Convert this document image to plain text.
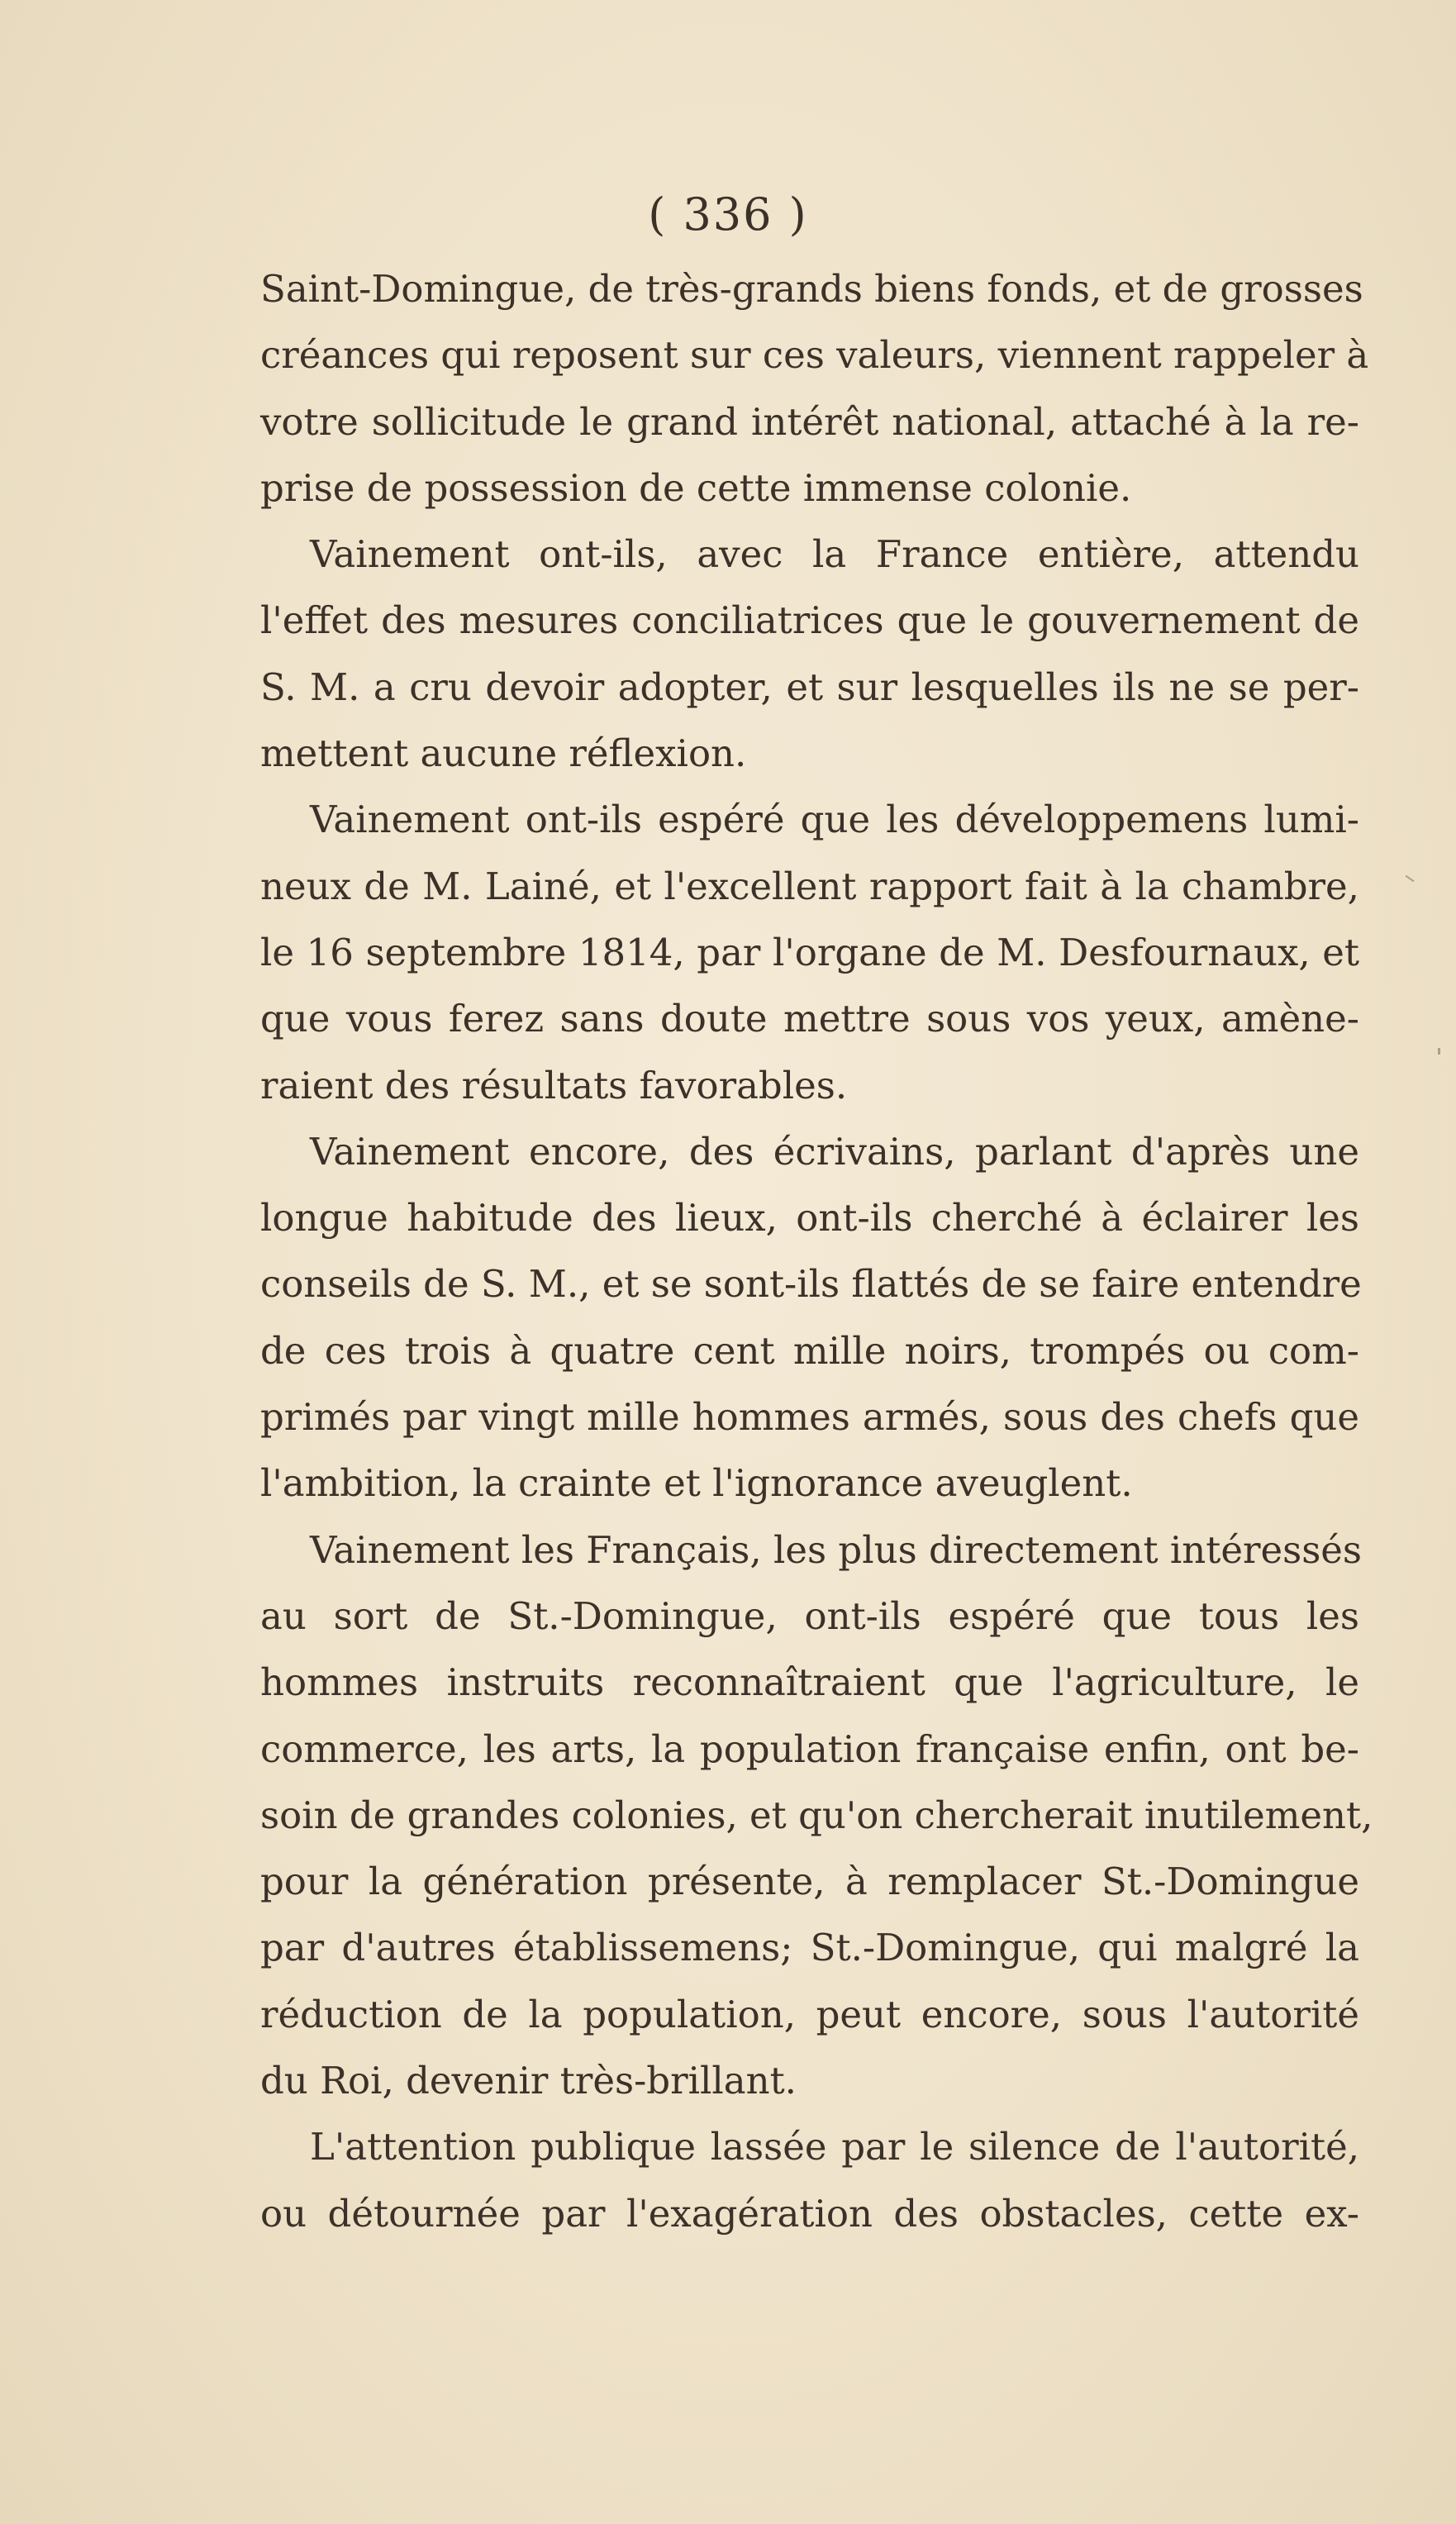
( 336 )
Saint-Domingue, de très-grands biens fonds, et de grosses
créances qui reposent sur ces valeurs, viennent rappeler à
votre sollicitude le grand intérêt national, attaché à la re-
prise de possession de cette immense colonie.
Vainement ont-ils, avec la France entière, attendu
l'effet des mesures conciliatrices que le gouvernement de
S. M. a cru devoir adopter, et sur lesquelles ils ne se per-
mettent aucune réflexion.
Vainement ont-ils espéré que les développemens lumi-
neux de M. Lainé, et l'excellent rapport fait à la chambre,
le 16 septembre 1814, par l'organe de M. Desfournaux, et
que vous ferez sans doute mettre sous vos yeux, amène-
raient des résultats favorables.
Vainement encore, des écrivains, parlant d'après une
longue habitude des lieux, ont-ils cherché à éclairer les
conseils de S. M., et se sont-ils flattés de se faire entendre
de ces trois à quatre cent mille noirs, trompés ou com-
primés par vingt mille hommes armés, sous des chefs que
l'ambition, la crainte et l'ignorance aveuglent.
Vainement les Français, les plus directement intéressés
au sort de St.-Domingue, ont-ils espéré que tous les
hommes instruits reconnaîtraient que l'agriculture, le
commerce, les arts, la population française enfin, ont be-
soin de grandes colonies, et qu'on chercherait inutilement,
pour la génération présente, à remplacer St.-Domingue
par d'autres établissemens; St.-Domingue, qui malgré la
réduction de la population, peut encore, sous l'autorité
du Roi, devenir très-brillant.
L'attention publique lassée par le silence de l'autorité,
ou détournée par l'exagération des obstacles, cette ex-
